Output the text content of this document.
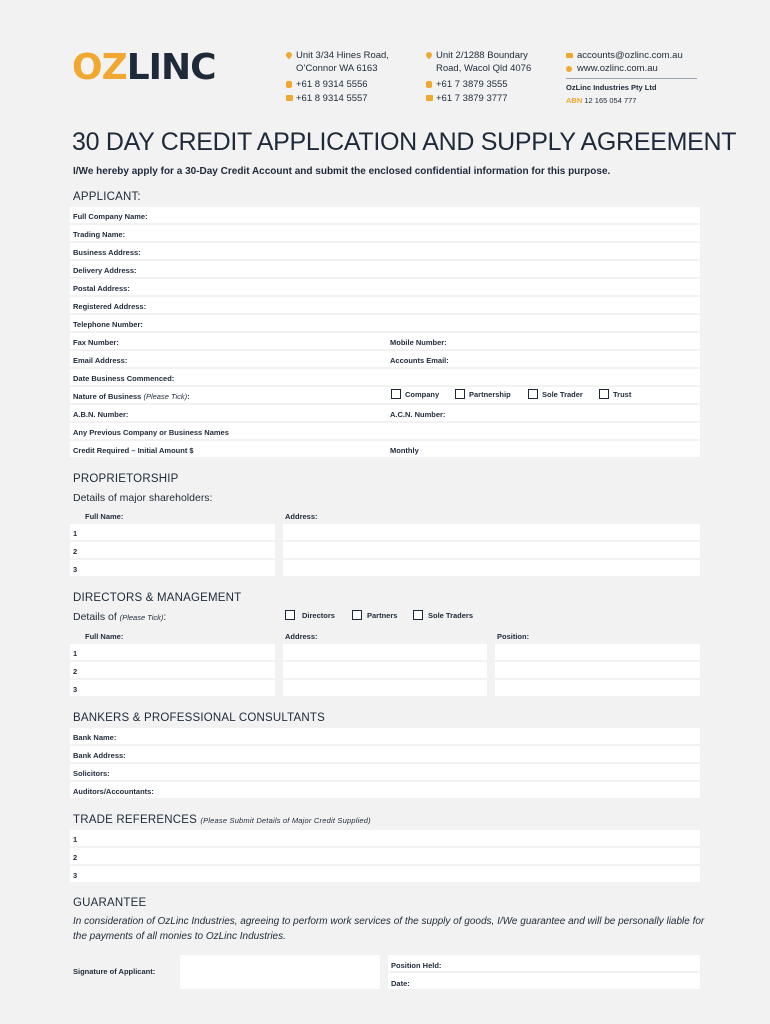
OZLINC	Unit 3/34 Hines Road,
O’Connor WA 6163
+61 8 9314 5556
+61 8 9314 5557
Unit 2/1288 Boundary
Road, Wacol Qld 4076
+61 7 3879 3555
+61 7 3879 3777
accounts@ozlinc.com.au
www.ozlinc.com.au
OzLinc Industries Pty Ltd
ABN 12 165 054 777
30 DAY CREDIT APPLICATION AND SUPPLY AGREEMENT
I/We hereby apply for a 30-Day Credit Account and submit the enclosed confidential information for this purpose.
APPLICANT:
Full Company Name:
Trading Name:
Business Address:
Delivery Address:
Postal Address:
Registered Address:
Telephone Number:
Fax Number:	Mobile Number:
Email Address:	Accounts Email:
Date Business Commenced:
Nature of Business (Please Tick):	Company	Partnership	Sole Trader	Trust
A.B.N. Number:	A.C.N. Number:
Any Previous Company or Business Names
Credit Required – Initial Amount $	Monthly
PROPRIETORSHIP
Details of major shareholders:
Full Name:	Address:
1
2
3
DIRECTORS & MANAGEMENT
Details of (Please Tick):	Directors	Partners	Sole Traders
Full Name:	Address:	Position:
1
2
3
BANKERS & PROFESSIONAL CONSULTANTS
Bank Name:
Bank Address:
Solicitors:
Auditors/Accountants:
TRADE REFERENCES (Please Submit Details of Major Credit Supplied)
1
2
3
GUARANTEE
In consideration of OzLinc Industries, agreeing to perform work services of the supply of goods, I/We guarantee and will be personally liable for the payments of all monies to OzLinc Industries.
Signature of Applicant:
Position Held:
Date:
